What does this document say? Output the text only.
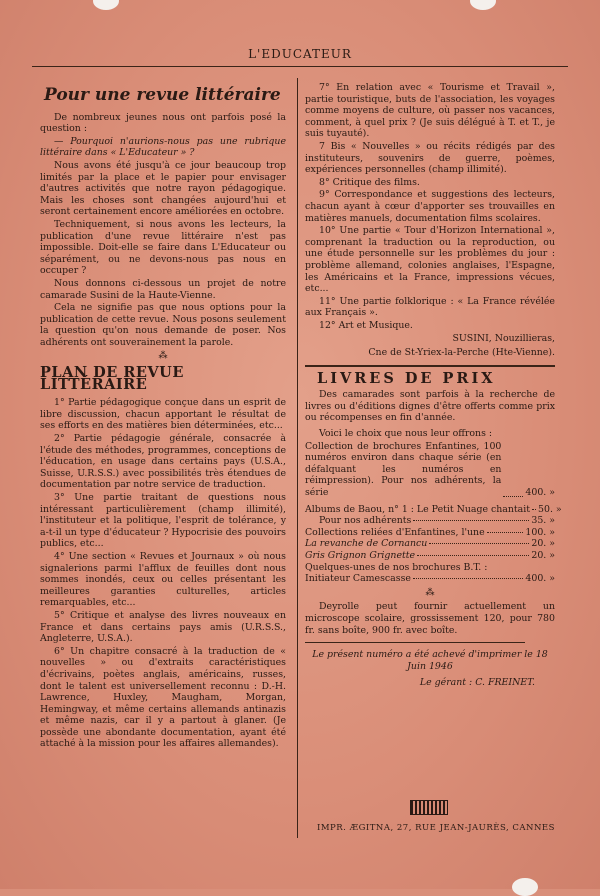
L'EDUCATEUR
Pour une revue littéraire

De nombreux jeunes nous ont parfois posé la question :

— Pourquoi n'aurions-nous pas une rubrique littéraire dans « L'Educateur » ?

Nous avons été jusqu'à ce jour beaucoup trop limités par la place et le papier pour envisager d'autres activités que notre rayon pédagogique. Mais les choses sont changées aujourd'hui et seront certainement encore améliorées en octobre.

Techniquement, si nous avons les lecteurs, la publication d'une revue littéraire n'est pas impossible. Doit-elle se faire dans L'Educateur ou séparément, ou ne devons-nous pas nous en occuper ?

Nous donnons ci-dessous un projet de notre camarade Susini de la Haute-Vienne.

Cela ne signifie pas que nous options pour la publication de cette revue. Nous posons seulement la question qu'on nous demande de poser. Nos adhérents ont souverainement la parole.

⁂
PLAN DE REVUE LITTÉRAIRE

1° Partie pédagogique conçue dans un esprit de libre discussion, chacun apportant le résultat de ses efforts en des matières bien déterminées, etc...

2° Partie pédagogie générale, consacrée à l'étude des méthodes, programmes, conceptions de l'éducation, en usage dans certains pays (U.S.A., Suisse, U.R.S.S.) avec possibilités très étendues de documentation par notre service de traduction.

3° Une partie traitant de questions nous intéressant particulièrement (champ illimité), l'instituteur et la politique, l'esprit de tolérance, y a-t-il un type d'éducateur ? Hypocrisie des pouvoirs publics, etc...

4° Une section « Revues et Journaux » où nous signalerions parmi l'afflux de feuilles dont nous sommes inondés, ceux ou celles présentant les meilleures garanties culturelles, articles remarquables, etc...

5° Critique et analyse des livres nouveaux en France et dans certains pays amis (U.R.S.S., Angleterre, U.S.A.).

6° Un chapitre consacré à la traduction de « nouvelles » ou d'extraits caractéristiques d'écrivains, poètes anglais, américains, russes, dont le talent est universellement reconnu : D.-H. Lawrence, Huxley, Maugham, Morgan, Hemingway, et même certains allemands antinazis et même nazis, car il y a partout à glaner. (Je possède une abondante documentation, ayant été attaché à la mission pour les affaires allemandes).

7° En relation avec « Tourisme et Travail », partie touristique, buts de l'association, les voyages comme moyens de culture, où passer nos vacances, comment, à quel prix ? (Je suis délégué à T. et T., je suis tuyauté).

7 Bis « Nouvelles » ou récits rédigés par des instituteurs, souvenirs de guerre, poèmes, expériences personnelles (champ illimité).

8° Critique des films.

9° Correspondance et suggestions des lecteurs, chacun ayant à cœur d'apporter ses trouvailles en matières manuels, documentation films scolaires.

10° Une partie « Tour d'Horizon International », comprenant la traduction ou la reproduction, ou une étude personnelle sur les problèmes du jour : problème allemand, colonies anglaises, l'Espagne, les Américains et la France, impressions vécues, etc...

11° Une partie folklorique : « La France révélée aux Français ».

12° Art et Musique.

SUSINI, Nouzillieras,
Cne de St-Yriex-la-Perche (Hte-Vienne).
LIVRES DE PRIX

Des camarades sont parfois à la recherche de livres ou d'éditions dignes d'être offerts comme prix ou récompenses en fin d'année.

Voici le choix que nous leur offrons :

Collection de brochures Enfantines, 100 numéros environ dans chaque série (en défalquant les numéros en réimpression). Pour nos adhérents, la série	400. »
Albums de Baou, n° 1 : Le Petit Nuage chantait 50. »
Pour nos adhérents	35. »
Collections reliées d'Enfantines, l'une	100. »
La revanche de Cornancu	20. »
Gris Grignon Grignette	20. »
Quelques-unes de nos brochures B.T. :
Initiateur Camescasse	400. »
⁂

Deyrolle peut fournir actuellement un microscope scolaire, grossissement 120, pour 780 fr. sans boîte, 900 fr. avec boîte.

Le présent numéro a été achevé d'imprimer le 18 Juin 1946
Le gérant : C. FREINET.
IMPR. ÆGITNA, 27, RUE JEAN-JAURÈS, CANNES
